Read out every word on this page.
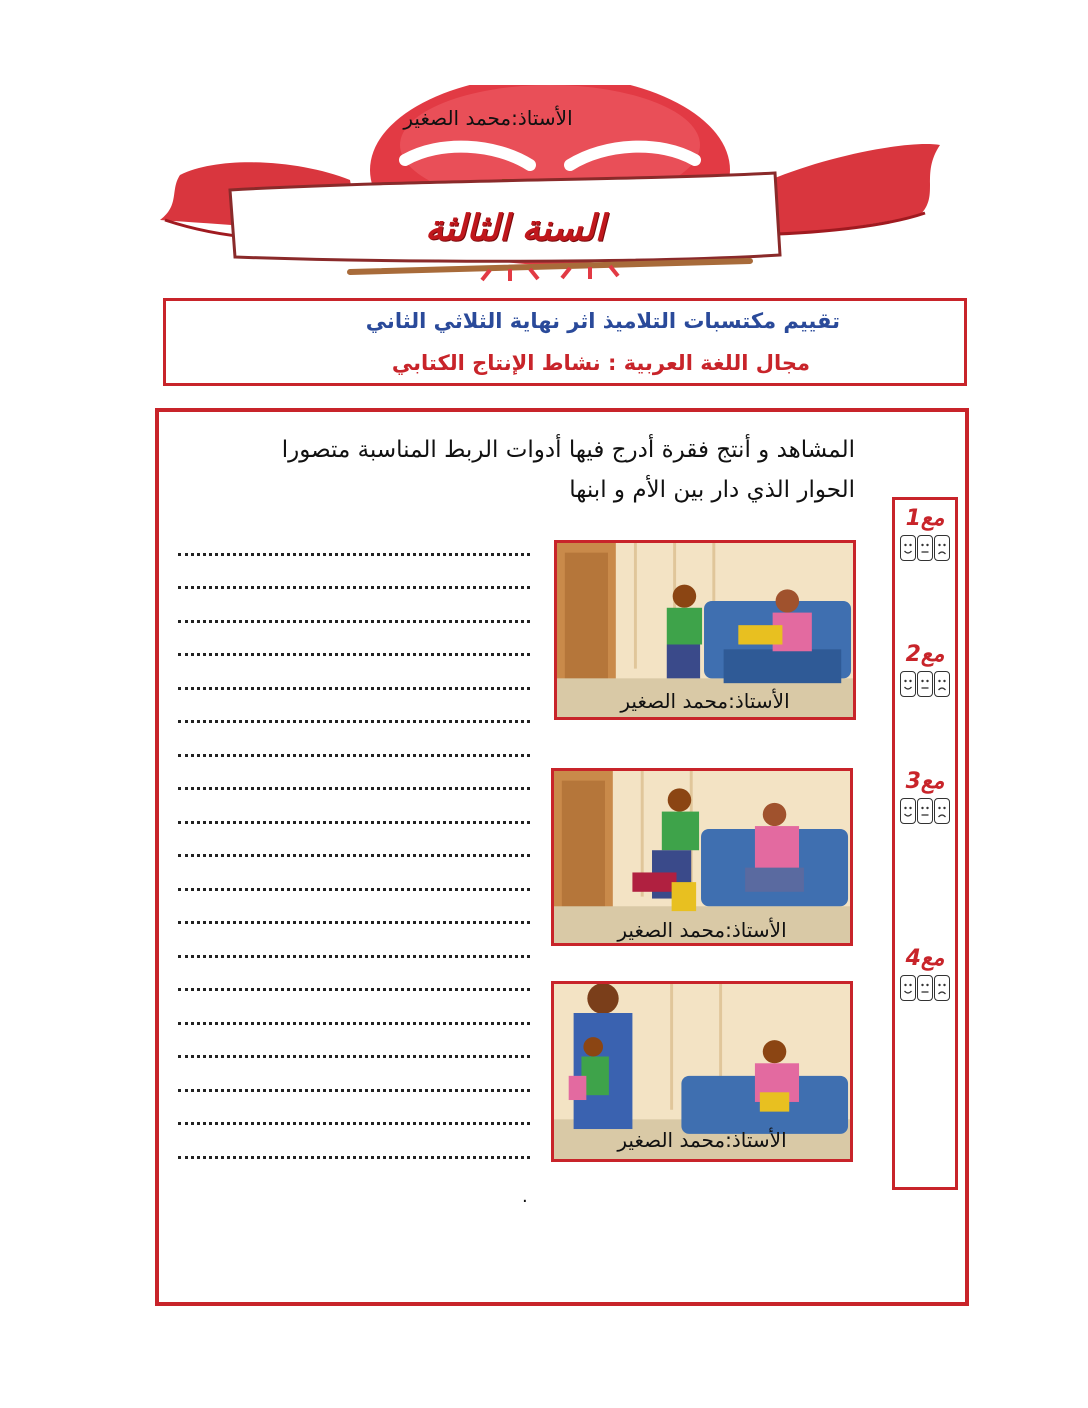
الأستاذ:محمد الصغير
السنة الثالثة
تقييم مكتسبات التلاميذ اثر نهاية الثلاثي الثاني
مجال اللغة العربية : نشاط الإنتاج الكتابي
المشاهد و أنتج فقرة أدرج فيها أدوات الربط المناسبة متصورا
الحوار الذي دار بين الأم و ابنها
.
الأستاذ:محمد الصغير
الأستاذ:محمد الصغير
الأستاذ:محمد الصغير
مع1
مع2
مع3
مع4
